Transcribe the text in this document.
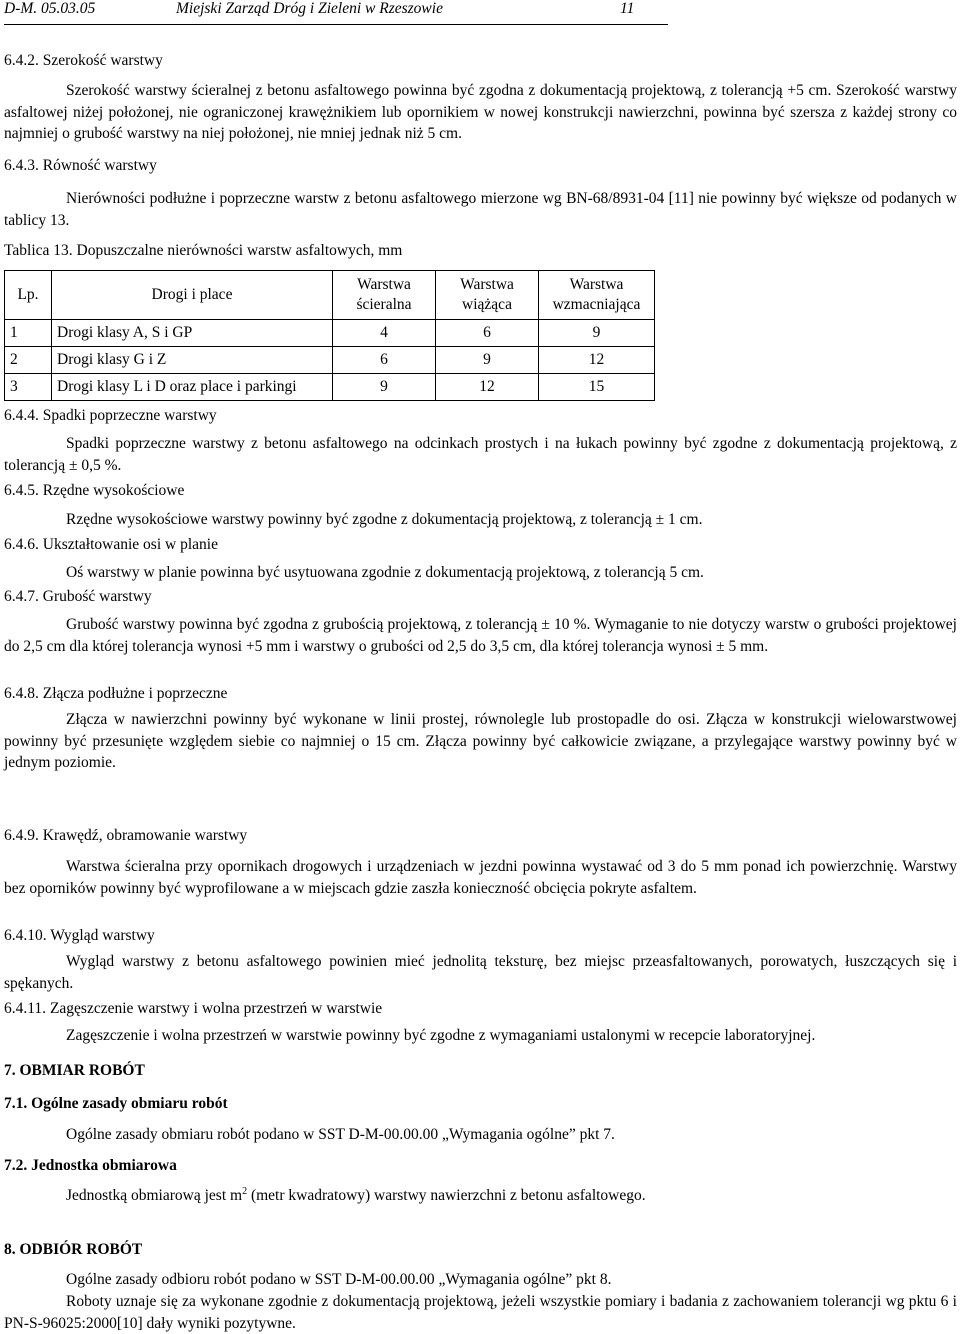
D-M. 05.03.05	Miejski Zarząd Dróg i Zieleni w Rzeszowie	11
6.4.2. Szerokość warstwy
Szerokość warstwy ścieralnej z betonu asfaltowego powinna być zgodna z dokumentacją projektową, z tolerancją +5 cm. Szerokość warstwy asfaltowej niżej położonej, nie ograniczonej krawężnikiem lub opornikiem w nowej konstrukcji nawierzchni, powinna być szersza z każdej strony co najmniej o grubość warstwy na niej położonej, nie mniej jednak niż 5 cm.
6.4.3. Równość warstwy
Nierówności podłużne i poprzeczne warstw z betonu asfaltowego mierzone wg BN-68/8931-04 [11] nie powinny być większe od podanych w tablicy 13.
Tablica 13. Dopuszczalne nierówności warstw asfaltowych, mm
Lp.	Drogi i place	Warstwa ścieralna	Warstwa wiążąca	Warstwa wzmacniająca
1	Drogi klasy A, S i GP	4	6	9
2	Drogi klasy G i Z	6	9	12
3	Drogi klasy L i D oraz place i parkingi	9	12	15
6.4.4. Spadki poprzeczne warstwy
Spadki poprzeczne warstwy z betonu asfaltowego na odcinkach prostych i na łukach powinny być zgodne z dokumentacją projektową, z tolerancją ± 0,5 %.
6.4.5. Rzędne wysokościowe
Rzędne wysokościowe warstwy powinny być zgodne z dokumentacją projektową, z tolerancją ± 1 cm.
6.4.6. Ukształtowanie osi w planie
Oś warstwy w planie powinna być usytuowana zgodnie z dokumentacją projektową, z tolerancją 5 cm.
6.4.7. Grubość warstwy
Grubość warstwy powinna być zgodna z grubością projektową, z tolerancją ± 10 %. Wymaganie to nie dotyczy warstw o grubości projektowej do 2,5 cm dla której tolerancja wynosi +5 mm i warstwy o grubości od 2,5 do 3,5 cm, dla której tolerancja wynosi ± 5 mm.
6.4.8. Złącza podłużne i poprzeczne
Złącza w nawierzchni powinny być wykonane w linii prostej, równolegle lub prostopadle do osi. Złącza w konstrukcji wielowarstwowej powinny być przesunięte względem siebie co najmniej o 15 cm. Złącza powinny być całkowicie związane, a przylegające warstwy powinny być w jednym poziomie.
6.4.9. Krawędź, obramowanie warstwy
Warstwa ścieralna przy opornikach drogowych i urządzeniach w jezdni powinna wystawać od 3 do 5 mm ponad ich powierzchnię. Warstwy bez oporników powinny być wyprofilowane a w miejscach gdzie zaszła konieczność obcięcia pokryte asfaltem.
6.4.10. Wygląd warstwy
Wygląd warstwy z betonu asfaltowego powinien mieć jednolitą teksturę, bez miejsc przeasfaltowanych, porowatych, łuszczących się i spękanych.
6.4.11. Zagęszczenie warstwy i wolna przestrzeń w warstwie
Zagęszczenie i wolna przestrzeń w warstwie powinny być zgodne z wymaganiami ustalonymi w recepcie laboratoryjnej.
7. OBMIAR ROBÓT
7.1. Ogólne zasady obmiaru robót
Ogólne zasady obmiaru robót podano w SST D-M-00.00.00 „Wymagania ogólne” pkt 7.
7.2. Jednostka obmiarowa
Jednostką obmiarową jest $m^2$ (metr kwadratowy) warstwy nawierzchni z betonu asfaltowego.
8. ODBIÓR ROBÓT
Ogólne zasady odbioru robót podano w SST D-M-00.00.00 „Wymagania ogólne” pkt 8.
Roboty uznaje się za wykonane zgodnie z dokumentacją projektową, jeżeli wszystkie pomiary i badania z zachowaniem tolerancji wg pktu 6 i PN-S-96025:2000[10] dały wyniki pozytywne.
